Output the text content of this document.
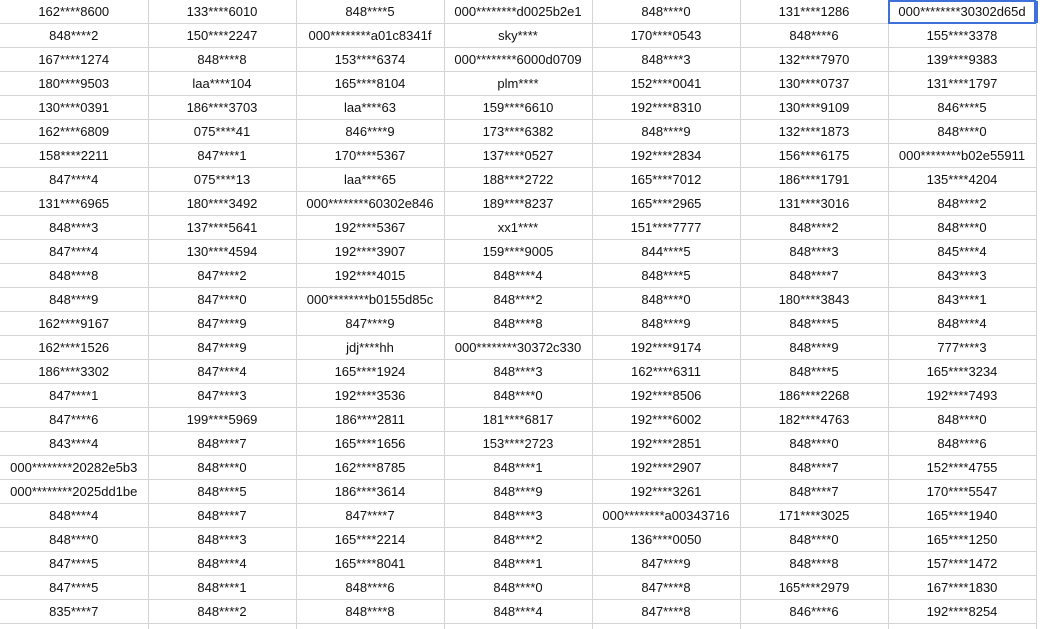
162****8600	133****6010	848****5	000********d0025b2e1	848****0	131****1286	000********30302d65d
848****2	150****2247	000********a01c8341f	sky****	170****0543	848****6	155****3378
167****1274	848****8	153****6374	000********6000d0709	848****3	132****7970	139****9383
180****9503	laa****104	165****8104	plm****	152****0041	130****0737	131****1797
130****0391	186****3703	laa****63	159****6610	192****8310	130****9109	846****5
162****6809	075****41	846****9	173****6382	848****9	132****1873	848****0
158****2211	847****1	170****5367	137****0527	192****2834	156****6175	000********b02e55911
847****4	075****13	laa****65	188****2722	165****7012	186****1791	135****4204
131****6965	180****3492	000********60302e846	189****8237	165****2965	131****3016	848****2
848****3	137****5641	192****5367	xx1****	151****7777	848****2	848****0
847****4	130****4594	192****3907	159****9005	844****5	848****3	845****4
848****8	847****2	192****4015	848****4	848****5	848****7	843****3
848****9	847****0	000********b0155d85c	848****2	848****0	180****3843	843****1
162****9167	847****9	847****9	848****8	848****9	848****5	848****4
162****1526	847****9	jdj****hh	000********30372c330	192****9174	848****9	777****3
186****3302	847****4	165****1924	848****3	162****6311	848****5	165****3234
847****1	847****3	192****3536	848****0	192****8506	186****2268	192****7493
847****6	199****5969	186****2811	181****6817	192****6002	182****4763	848****0
843****4	848****7	165****1656	153****2723	192****2851	848****0	848****6
000********20282e5b3	848****0	162****8785	848****1	192****2907	848****7	152****4755
000********2025dd1be	848****5	186****3614	848****9	192****3261	848****7	170****5547
848****4	848****7	847****7	848****3	000********a00343716	171****3025	165****1940
848****0	848****3	165****2214	848****2	136****0050	848****0	165****1250
847****5	848****4	165****8041	848****1	847****9	848****8	157****1472
847****5	848****1	848****6	848****0	847****8	165****2979	167****1830
835****7	848****2	848****8	848****4	847****8	846****6	192****8254
